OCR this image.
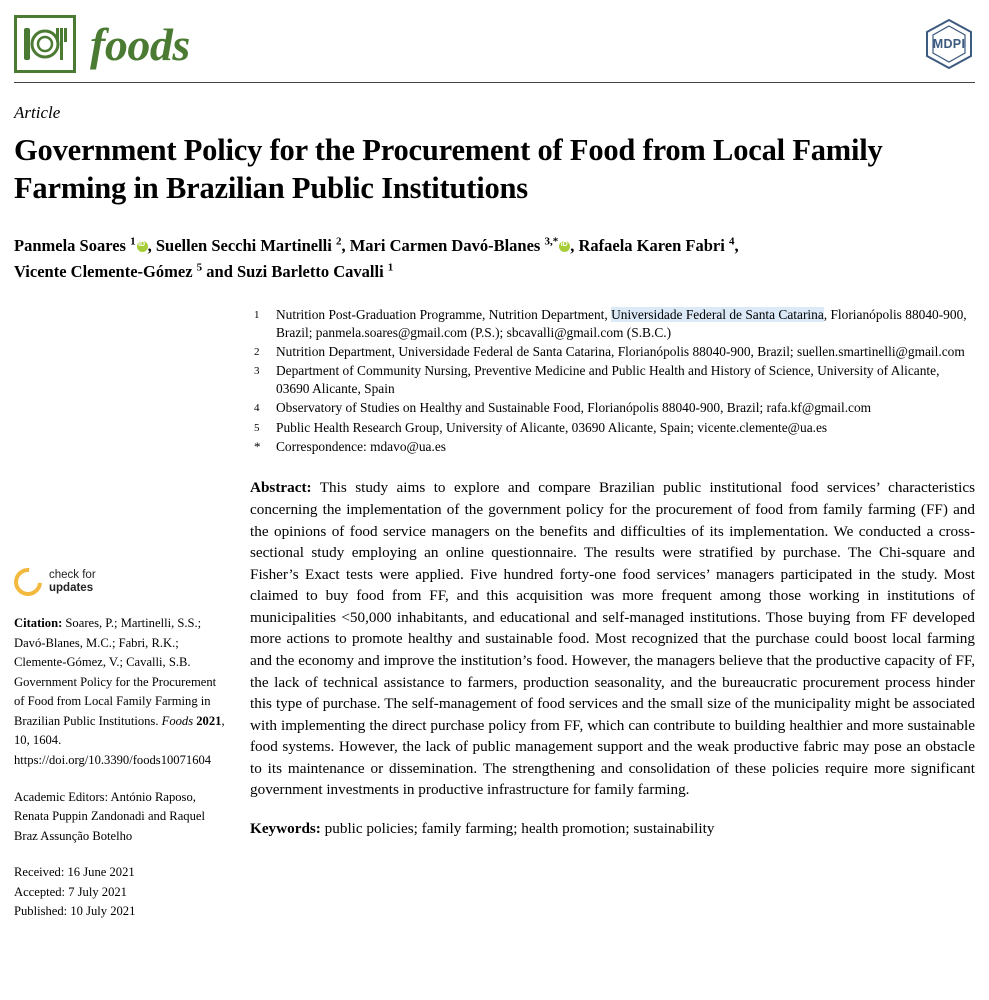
foods	MDPI
Article
Government Policy for the Procurement of Food from Local Family Farming in Brazilian Public Institutions
Panmela Soares $^1$ iD , Suellen Secchi Martinelli $^2$, Mari Carmen Davó-Blanes $^{3,*}$ iD , Rafaela Karen Fabri $^4$,
Vicente Clemente-Gómez $^5$ and Suzi Barletto Cavalli $^1$
check for
updates
Citation: Soares, P.; Martinelli, S.S.; Davó-Blanes, M.C.; Fabri, R.K.; Clemente-Gómez, V.; Cavalli, S.B. Government Policy for the Procurement of Food from Local Family Farming in Brazilian Public Institutions. Foods 2021, 10, 1604. https://doi.org/10.3390/foods10071604
Academic Editors: António Raposo, Renata Puppin Zandonadi and Raquel Braz Assunção Botelho
Received: 16 June 2021
Accepted: 7 July 2021
Published: 10 July 2021
1	Nutrition Post-Graduation Programme, Nutrition Department, Universidade Federal de Santa Catarina, Florianópolis 88040-900, Brazil; panmela.soares@gmail.com (P.S.); sbcavalli@gmail.com (S.B.C.)
2	Nutrition Department, Universidade Federal de Santa Catarina, Florianópolis 88040-900, Brazil; suellen.smartinelli@gmail.com
3	Department of Community Nursing, Preventive Medicine and Public Health and History of Science, University of Alicante, 03690 Alicante, Spain
4	Observatory of Studies on Healthy and Sustainable Food, Florianópolis 88040-900, Brazil; rafa.kf@gmail.com
5	Public Health Research Group, University of Alicante, 03690 Alicante, Spain; vicente.clemente@ua.es
*	Correspondence: mdavo@ua.es
Abstract: This study aims to explore and compare Brazilian public institutional food services’ characteristics concerning the implementation of the government policy for the procurement of food from family farming (FF) and the opinions of food service managers on the benefits and difficulties of its implementation. We conducted a cross-sectional study employing an online questionnaire. The results were stratified by purchase. The Chi-square and Fisher’s Exact tests were applied. Five hundred forty-one food services’ managers participated in the study. Most claimed to buy food from FF, and this acquisition was more frequent among those working in institutions of municipalities <50,000 inhabitants, and educational and self-managed institutions. Those buying from FF developed more actions to promote healthy and sustainable food. Most recognized that the purchase could boost local farming and the economy and improve the institution’s food. However, the managers believe that the productive capacity of FF, the lack of technical assistance to farmers, production seasonality, and the bureaucratic procurement process hinder this type of purchase. The self-management of food services and the small size of the municipality might be associated with implementing the direct purchase policy from FF, which can contribute to building healthier and more sustainable food systems. However, the lack of public management support and the weak productive fabric may pose an obstacle to its maintenance or dissemination. The strengthening and consolidation of these policies require more significant government investments in productive infrastructure for family farming.
Keywords: public policies; family farming; health promotion; sustainability
